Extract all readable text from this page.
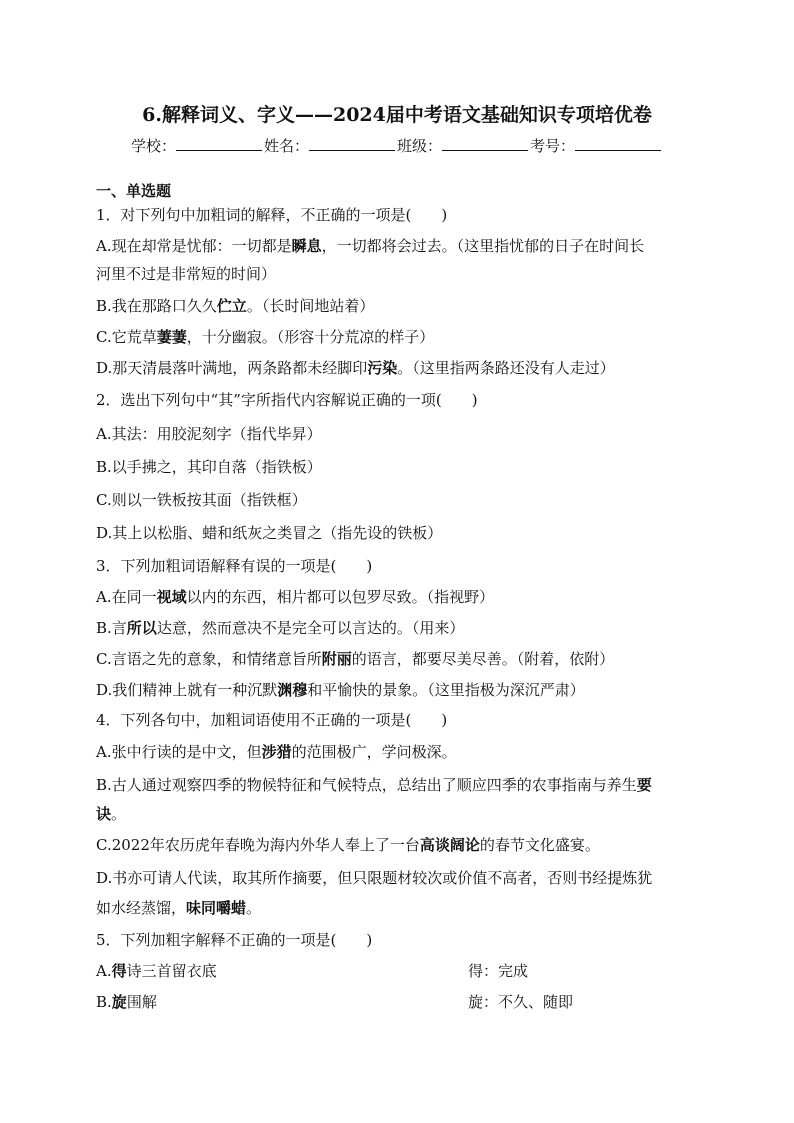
6.解释词义、字义——2024届中考语文基础知识专项培优卷
学校：	姓名：	班级：	考号：
一、单选题
1．对下列句中加粗词的解释，不正确的一项是(　　)
A.现在却常是忧郁：一切都是瞬息，一切都将会过去。（这里指忧郁的日子在时间长
河里不过是非常短的时间）
B.我在那路口久久伫立。（长时间地站着）
C.它荒草萋萋，十分幽寂。（形容十分荒凉的样子）
D.那天清晨落叶满地，两条路都未经脚印污染。（这里指两条路还没有人走过）
2．选出下列句中“其”字所指代内容解说正确的一项(　　)
A.其法：用胶泥刻字（指代毕昇）
B.以手拂之，其印自落（指铁板）
C.则以一铁板按其面（指铁框）
D.其上以松脂、蜡和纸灰之类冒之（指先设的铁板）
3．下列加粗词语解释有误的一项是(　　)
A.在同一视域以内的东西，相片都可以包罗尽致。（指视野）
B.言所以达意，然而意决不是完全可以言达的。（用来）
C.言语之先的意象，和情绪意旨所附丽的语言，都要尽美尽善。（附着，依附）
D.我们精神上就有一种沉默渊穆和平愉快的景象。（这里指极为深沉严肃）
4．下列各句中，加粗词语使用不正确的一项是(　　)
A.张中行读的是中文，但涉猎的范围极广，学问极深。
B.古人通过观察四季的物候特征和气候特点，总结出了顺应四季的农事指南与养生要
诀。
C.2022年农历虎年春晚为海内外华人奉上了一台高谈阔论的春节文化盛宴。
D.书亦可请人代读，取其所作摘要，但只限题材较次或价值不高者，否则书经提炼犹
如水经蒸馏，味同嚼蜡。
5．下列加粗字解释不正确的一项是(　　)
A.得诗三首留衣底	得：完成
B.旋围解	旋：不久、随即
